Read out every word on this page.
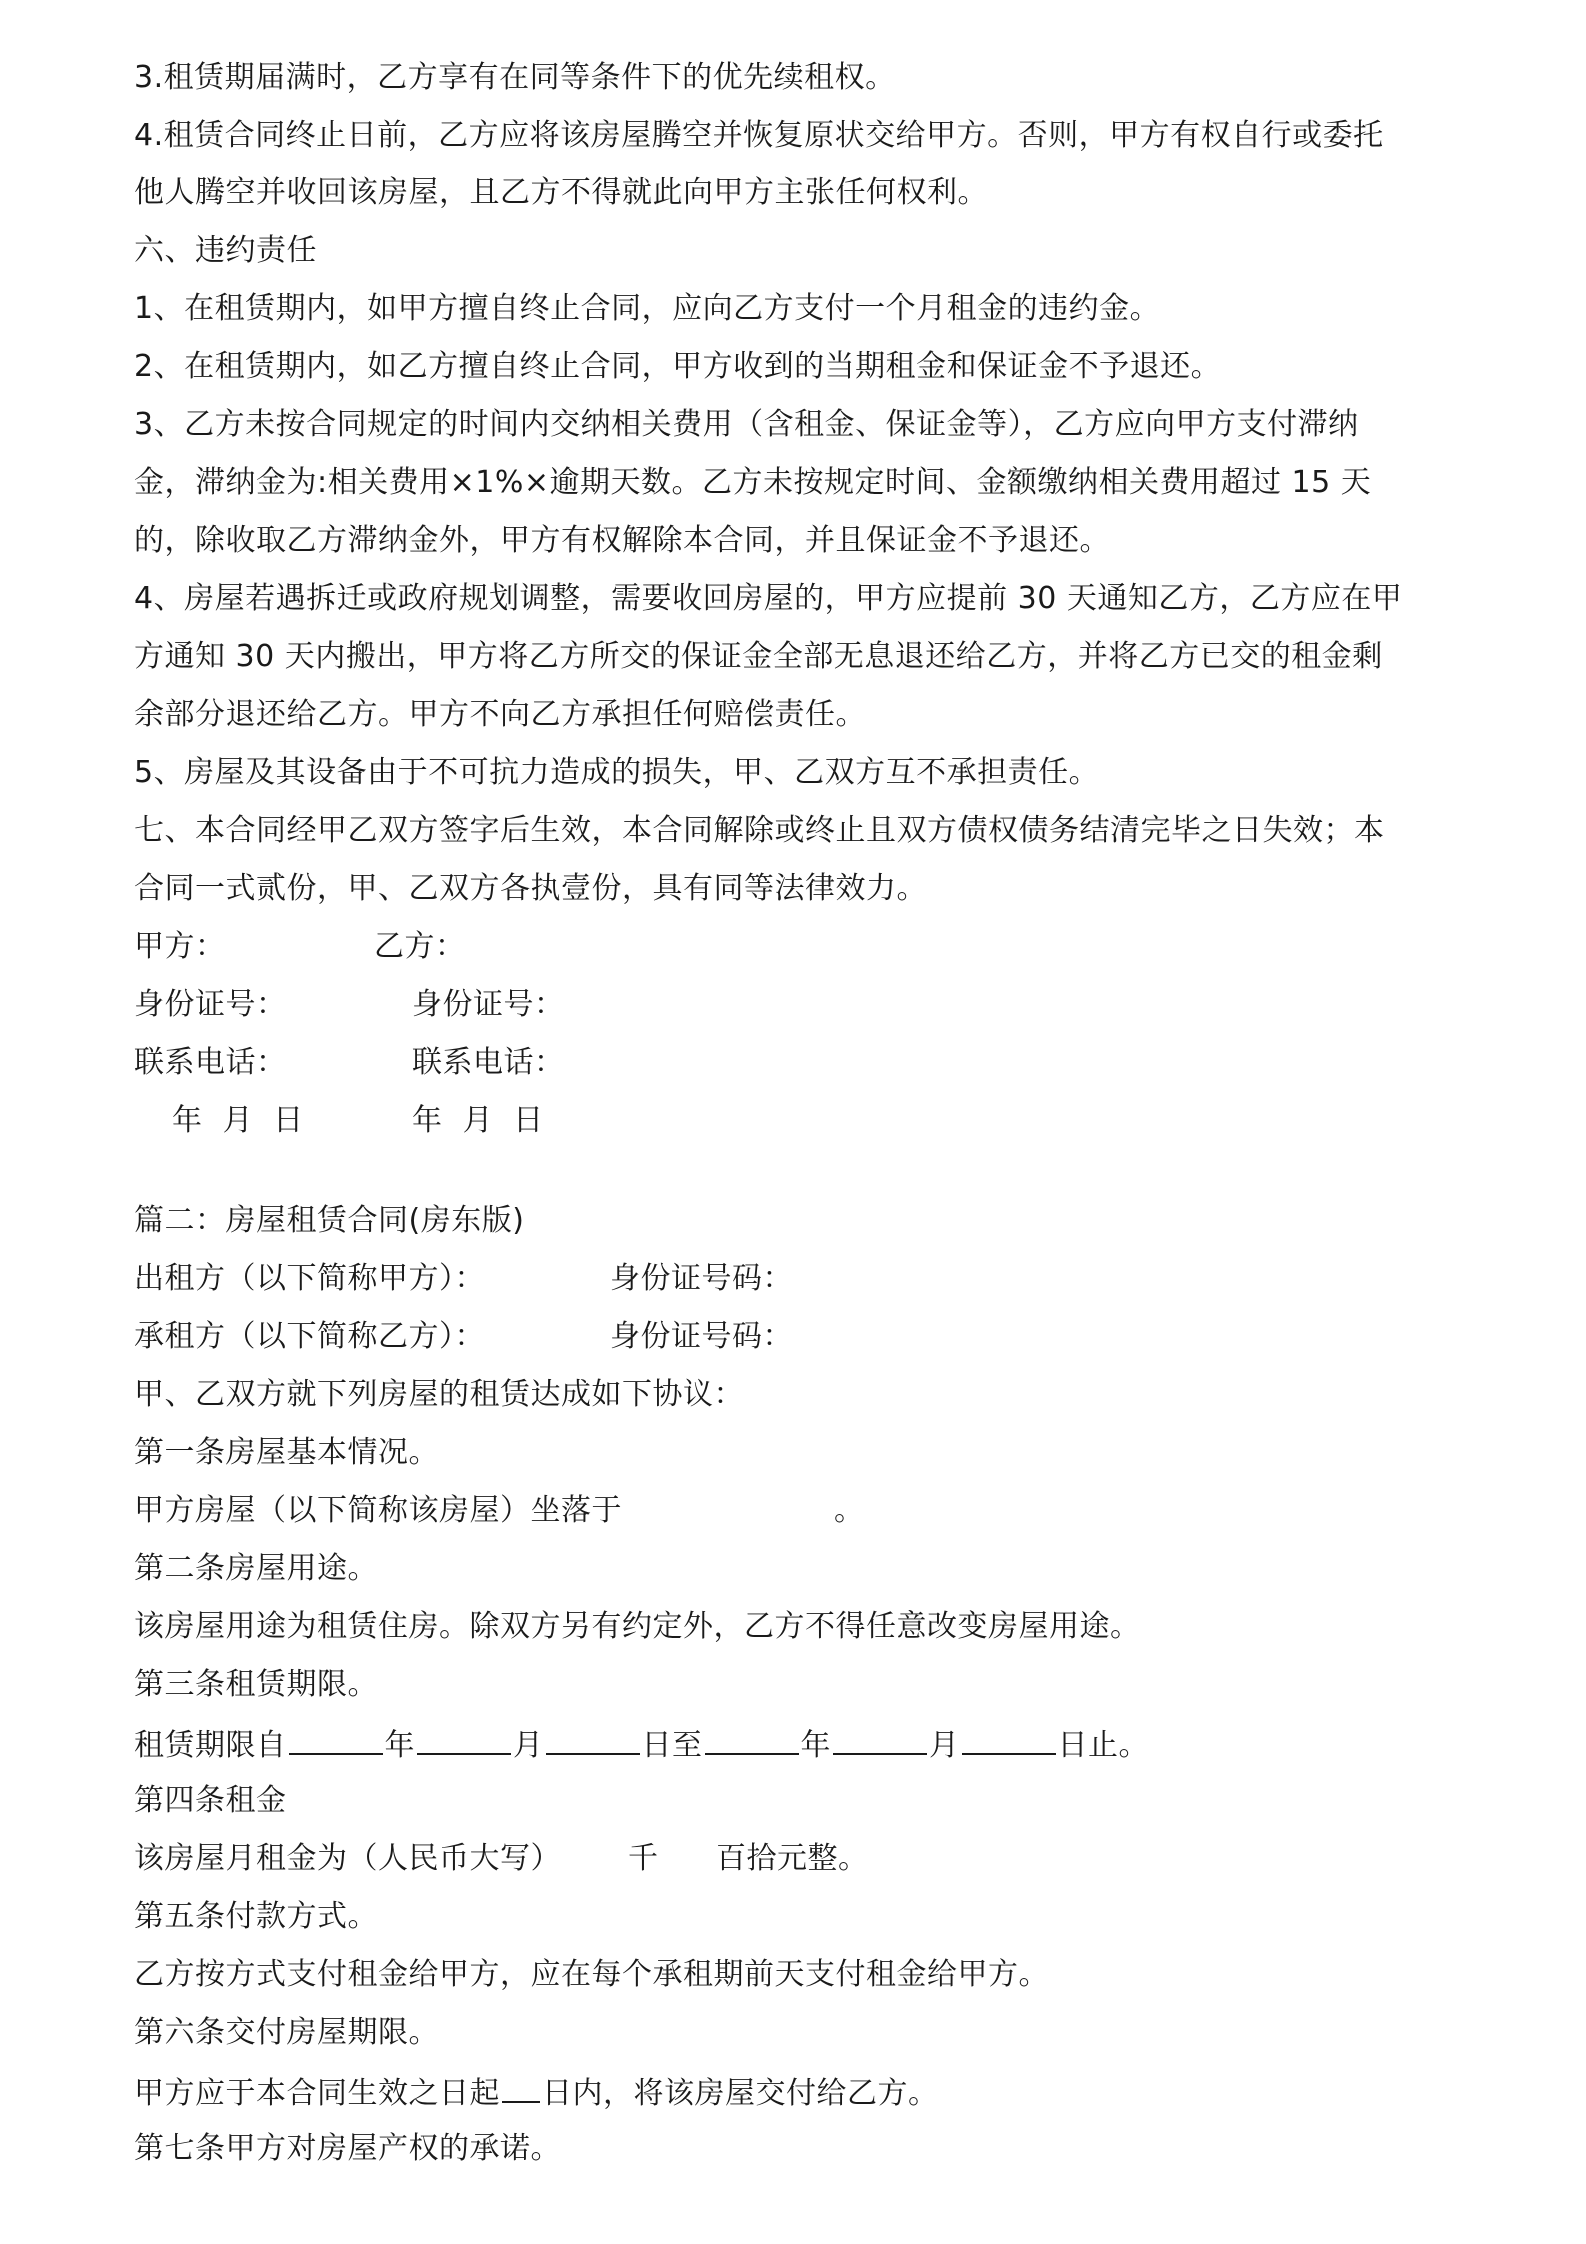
3.租赁期届满时，乙方享有在同等条件下的优先续租权。
4.租赁合同终止日前，乙方应将该房屋腾空并恢复原状交给甲方。否则，甲方有权自行或委托
他人腾空并收回该房屋，且乙方不得就此向甲方主张任何权利。
六、违约责任
1、在租赁期内，如甲方擅自终止合同，应向乙方支付一个月租金的违约金。
2、在租赁期内，如乙方擅自终止合同，甲方收到的当期租金和保证金不予退还。
3、乙方未按合同规定的时间内交纳相关费用（含租金、保证金等），乙方应向甲方支付滞纳
金，滞纳金为:相关费用×1%×逾期天数。乙方未按规定时间、金额缴纳相关费用超过 15 天
的，除收取乙方滞纳金外，甲方有权解除本合同，并且保证金不予退还。
4、房屋若遇拆迁或政府规划调整，需要收回房屋的，甲方应提前 30 天通知乙方，乙方应在甲
方通知 30 天内搬出，甲方将乙方所交的保证金全部无息退还给乙方，并将乙方已交的租金剩
余部分退还给乙方。甲方不向乙方承担任何赔偿责任。
5、房屋及其设备由于不可抗力造成的损失，甲、乙双方互不承担责任。
七、本合同经甲乙双方签字后生效，本合同解除或终止且双方债权债务结清完毕之日失效；本
合同一式贰份，甲、乙双方各执壹份，具有同等法律效力。
甲方：	乙方：
身份证号：	身份证号：
联系电话：	联系电话：
年  月  日	年  月  日
篇二：房屋租赁合同(房东版)
出租方（以下简称甲方）：	身份证号码：
承租方（以下简称乙方）：	身份证号码：
甲、乙双方就下列房屋的租赁达成如下协议：
第一条房屋基本情况。
甲方房屋（以下简称该房屋）坐落于	。
第二条房屋用途。
该房屋用途为租赁住房。除双方另有约定外，乙方不得任意改变房屋用途。
第三条租赁期限。
租赁期限自	年	月	日至	年	月	日止。
第四条租金
该房屋月租金为（人民币大写） 千 百拾元整。
第五条付款方式。
乙方按方式支付租金给甲方，应在每个承租期前天支付租金给甲方。
第六条交付房屋期限。
甲方应于本合同生效之日起 日内，将该房屋交付给乙方。
第七条甲方对房屋产权的承诺。
